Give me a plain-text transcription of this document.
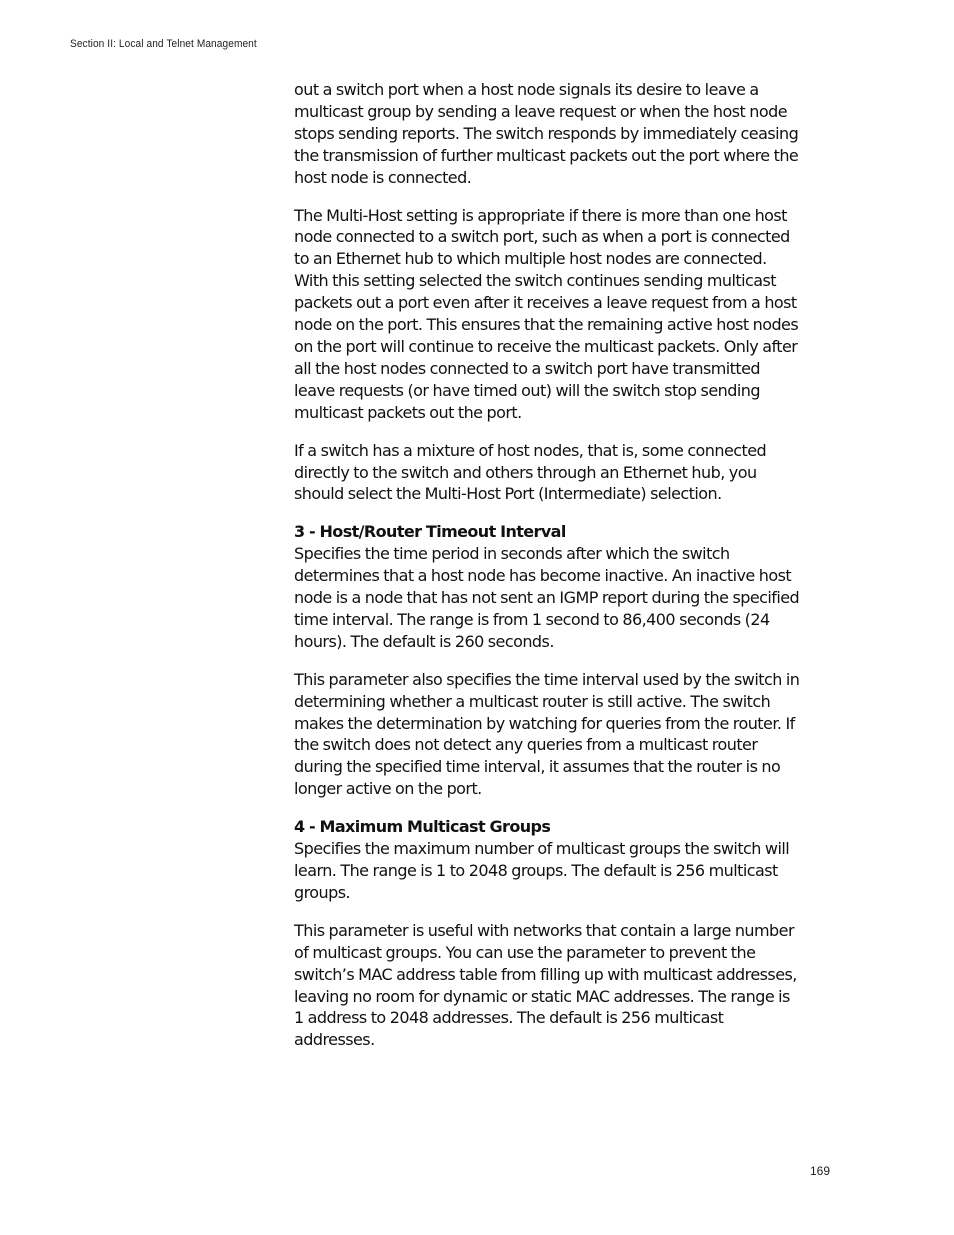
Section II: Local and Telnet Management

out a switch port when a host node signals its desire to leave a multicast group by sending a leave request or when the host node stops sending reports. The switch responds by immediately ceasing the transmission of further multicast packets out the port where the host node is connected.

The Multi-Host setting is appropriate if there is more than one host node connected to a switch port, such as when a port is connected to an Ethernet hub to which multiple host nodes are connected. With this setting selected the switch continues sending multicast packets out a port even after it receives a leave request from a host node on the port. This ensures that the remaining active host nodes on the port will continue to receive the multicast packets. Only after all the host nodes connected to a switch port have transmitted leave requests (or have timed out) will the switch stop sending multicast packets out the port.

If a switch has a mixture of host nodes, that is, some connected directly to the switch and others through an Ethernet hub, you should select the Multi-Host Port (Intermediate) selection.

3 - Host/Router Timeout Interval

Specifies the time period in seconds after which the switch determines that a host node has become inactive. An inactive host node is a node that has not sent an IGMP report during the specified time interval. The range is from 1 second to 86,400 seconds (24 hours). The default is 260 seconds.

This parameter also specifies the time interval used by the switch in determining whether a multicast router is still active. The switch makes the determination by watching for queries from the router. If the switch does not detect any queries from a multicast router during the specified time interval, it assumes that the router is no longer active on the port.

4 - Maximum Multicast Groups

Specifies the maximum number of multicast groups the switch will learn. The range is 1 to 2048 groups. The default is 256 multicast groups.

This parameter is useful with networks that contain a large number of multicast groups. You can use the parameter to prevent the switch’s MAC address table from filling up with multicast addresses, leaving no room for dynamic or static MAC addresses. The range is 1 address to 2048 addresses. The default is 256 multicast addresses.

169
